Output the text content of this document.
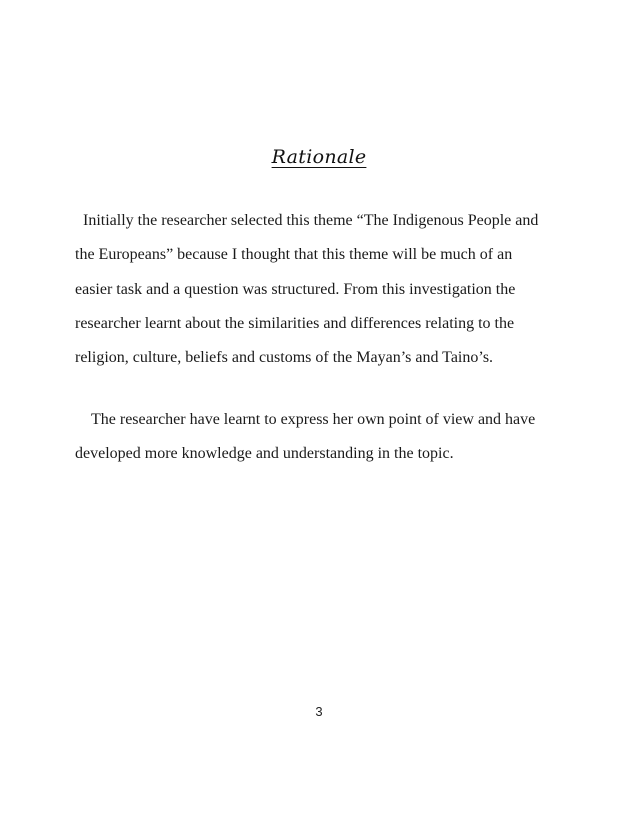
Rationale

Initially the researcher selected this theme “The Indigenous People and
the Europeans” because I thought that this theme will be much of an
easier task and a question was structured. From this investigation the
researcher learnt about the similarities and differences relating to the
religion, culture, beliefs and customs of the Mayan’s and Taino’s.

The researcher have learnt to express her own point of view and have
developed more knowledge and understanding in the topic.

3
